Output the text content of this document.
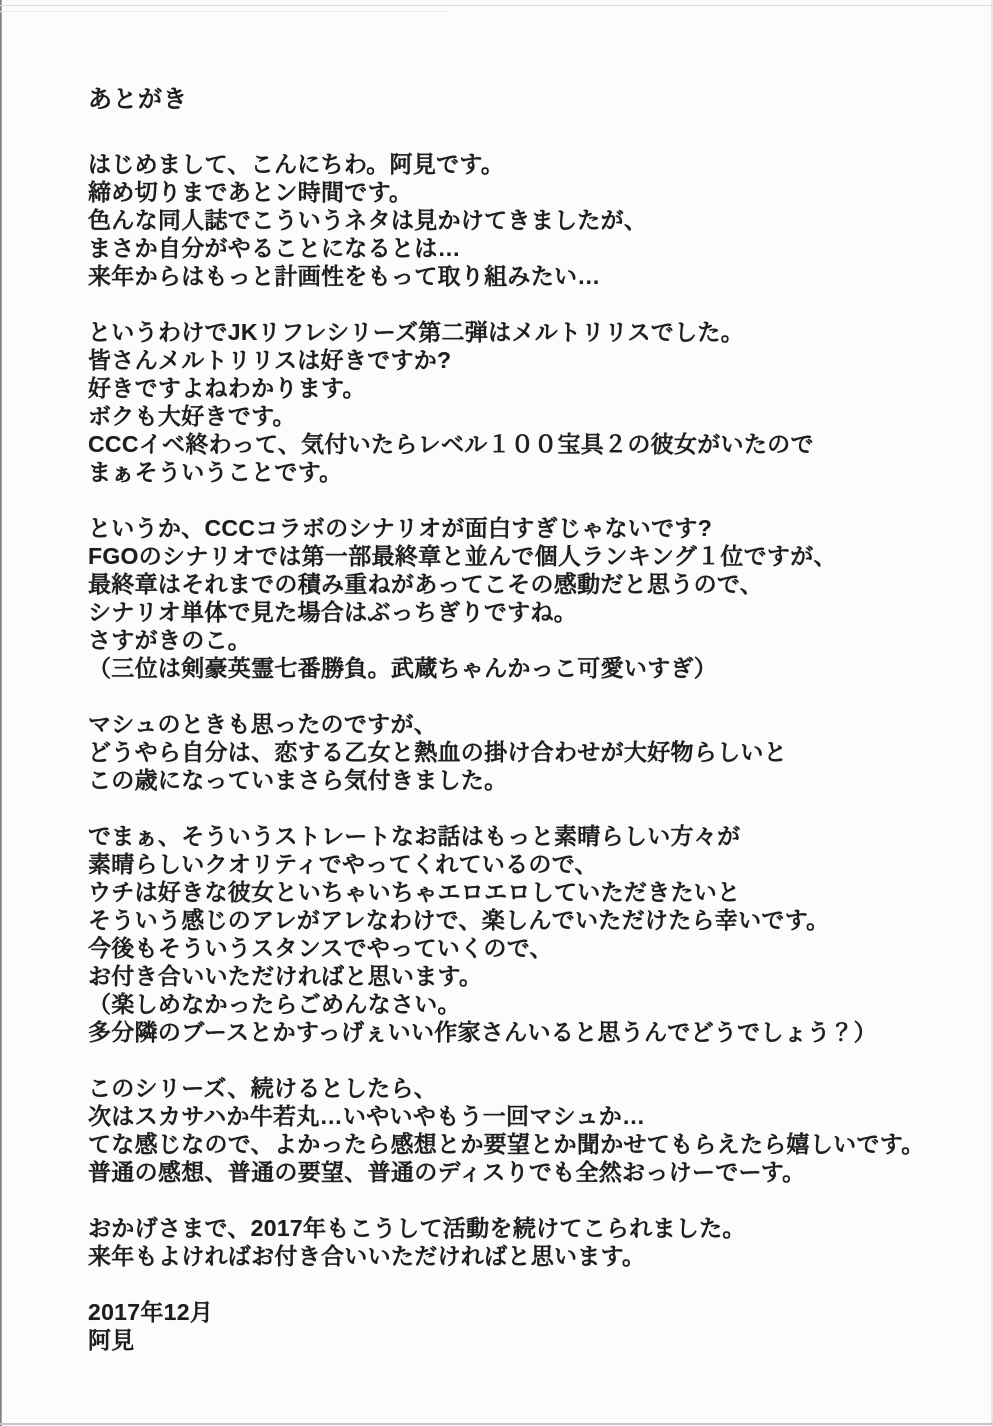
あとがき
はじめまして、こんにちわ。阿見です。
締め切りまであとン時間です。
色んな同人誌でこういうネタは見かけてきましたが、
まさか自分がやることになるとは…
来年からはもっと計画性をもって取り組みたい…
というわけでJKリフレシリーズ第二弾はメルトリリスでした。
皆さんメルトリリスは好きですか?
好きですよねわかります。
ボクも大好きです。
CCCイベ終わって、気付いたらレベル１００宝具２の彼女がいたので
まぁそういうことです。
というか、CCCコラボのシナリオが面白すぎじゃないです?
FGOのシナリオでは第一部最終章と並んで個人ランキング１位ですが、
最終章はそれまでの積み重ねがあってこその感動だと思うので、
シナリオ単体で見た場合はぶっちぎりですね。
さすがきのこ。
（三位は剣豪英霊七番勝負。武蔵ちゃんかっこ可愛いすぎ）
マシュのときも思ったのですが、
どうやら自分は、恋する乙女と熱血の掛け合わせが大好物らしいと
この歳になっていまさら気付きました。
でまぁ、そういうストレートなお話はもっと素晴らしい方々が
素晴らしいクオリティでやってくれているので、
ウチは好きな彼女といちゃいちゃエロエロしていただきたいと
そういう感じのアレがアレなわけで、楽しんでいただけたら幸いです。
今後もそういうスタンスでやっていくので、
お付き合いいただければと思います。
（楽しめなかったらごめんなさい。
多分隣のブースとかすっげぇいい作家さんいると思うんでどうでしょう？）
このシリーズ、続けるとしたら、
次はスカサハか牛若丸…いやいやもう一回マシュか…
てな感じなので、よかったら感想とか要望とか聞かせてもらえたら嬉しいです。
普通の感想、普通の要望、普通のディスりでも全然おっけーでーす。
おかげさまで、2017年もこうして活動を続けてこられました。
来年もよければお付き合いいただければと思います。
2017年12月
阿見
